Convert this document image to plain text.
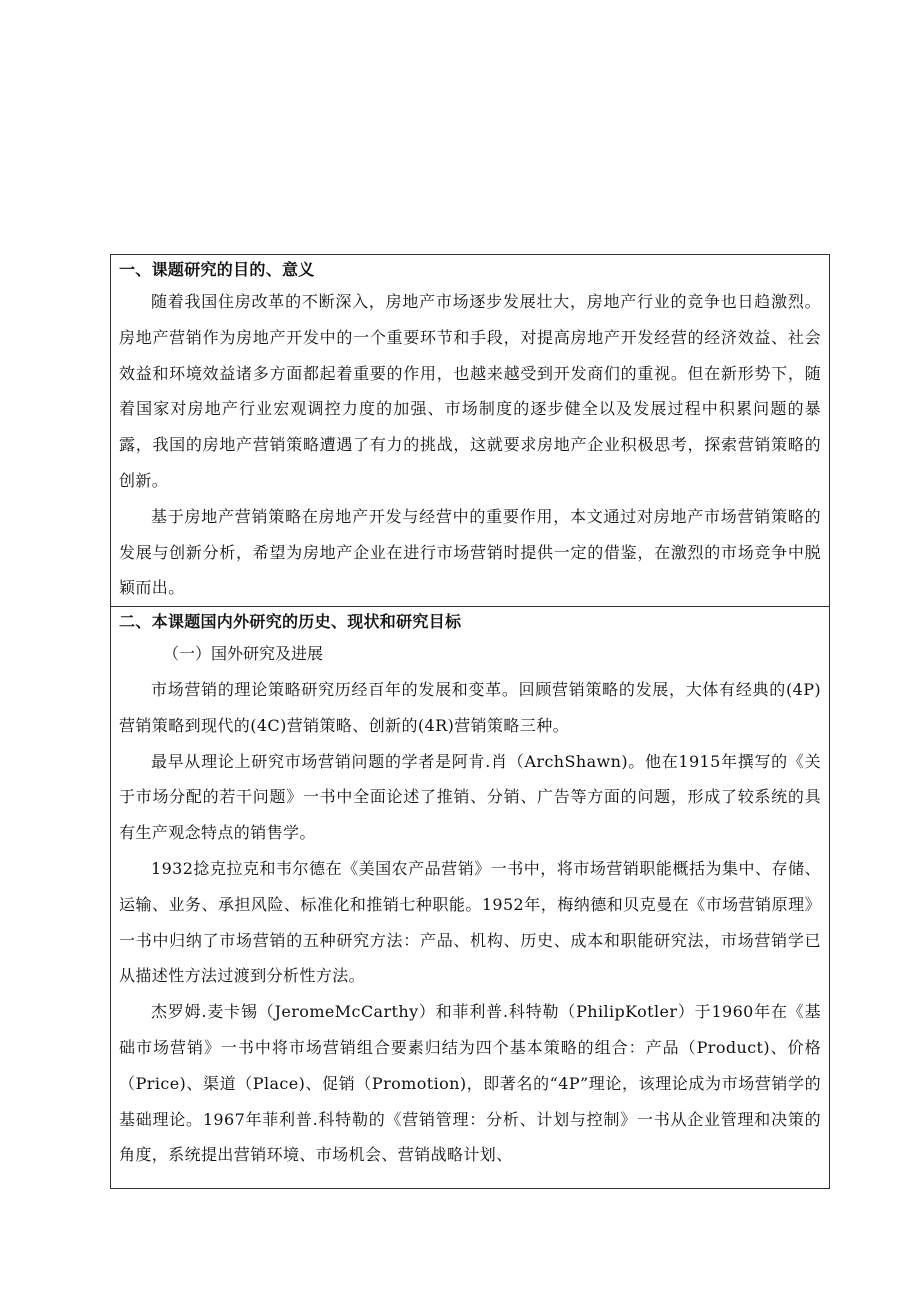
一、课题研究的目的、意义

随着我国住房改革的不断深入，房地产市场逐步发展壮大，房地产行业的竞争也日趋激烈。房地产营销作为房地产开发中的一个重要环节和手段，对提高房地产开发经营的经济效益、社会效益和环境效益诸多方面都起着重要的作用，也越来越受到开发商们的重视。但在新形势下，随着国家对房地产行业宏观调控力度的加强、市场制度的逐步健全以及发展过程中积累问题的暴露，我国的房地产营销策略遭遇了有力的挑战，这就要求房地产企业积极思考，探索营销策略的创新。

基于房地产营销策略在房地产开发与经营中的重要作用，本文通过对房地产市场营销策略的发展与创新分析，希望为房地产企业在进行市场营销时提供一定的借鉴，在激烈的市场竞争中脱颖而出。

二、本课题国内外研究的历史、现状和研究目标

（一）国外研究及进展

市场营销的理论策略研究历经百年的发展和变革。回顾营销策略的发展，大体有经典的(4P)营销策略到现代的(4C)营销策略、创新的(4R)营销策略三种。

最早从理论上研究市场营销问题的学者是阿肯.肖（ArchShawn)。他在1915年撰写的《关于市场分配的若干问题》一书中全面论述了推销、分销、广告等方面的问题，形成了较系统的具有生产观念特点的销售学。

1932捻克拉克和韦尔德在《美国农产品营销》一书中，将市场营销职能概括为集中、存储、运输、业务、承担风险、标准化和推销七种职能。1952年，梅纳德和贝克曼在《市场营销原理》一书中归纳了市场营销的五种研究方法：产品、机构、历史、成本和职能研究法，市场营销学已从描述性方法过渡到分析性方法。

杰罗姆.麦卡锡（JeromeMcCarthy）和菲利普.科特勒（PhilipKotler）于1960年在《基础市场营销》一书中将市场营销组合要素归结为四个基本策略的组合：产品（Product)、价格（Price)、渠道（Place)、促销（Promotion)，即著名的“4P”理论，该理论成为市场营销学的基础理论。1967年菲利普.科特勒的《营销管理：分析、计划与控制》一书从企业管理和决策的角度，系统提出营销环境、市场机会、营销战略计划、
